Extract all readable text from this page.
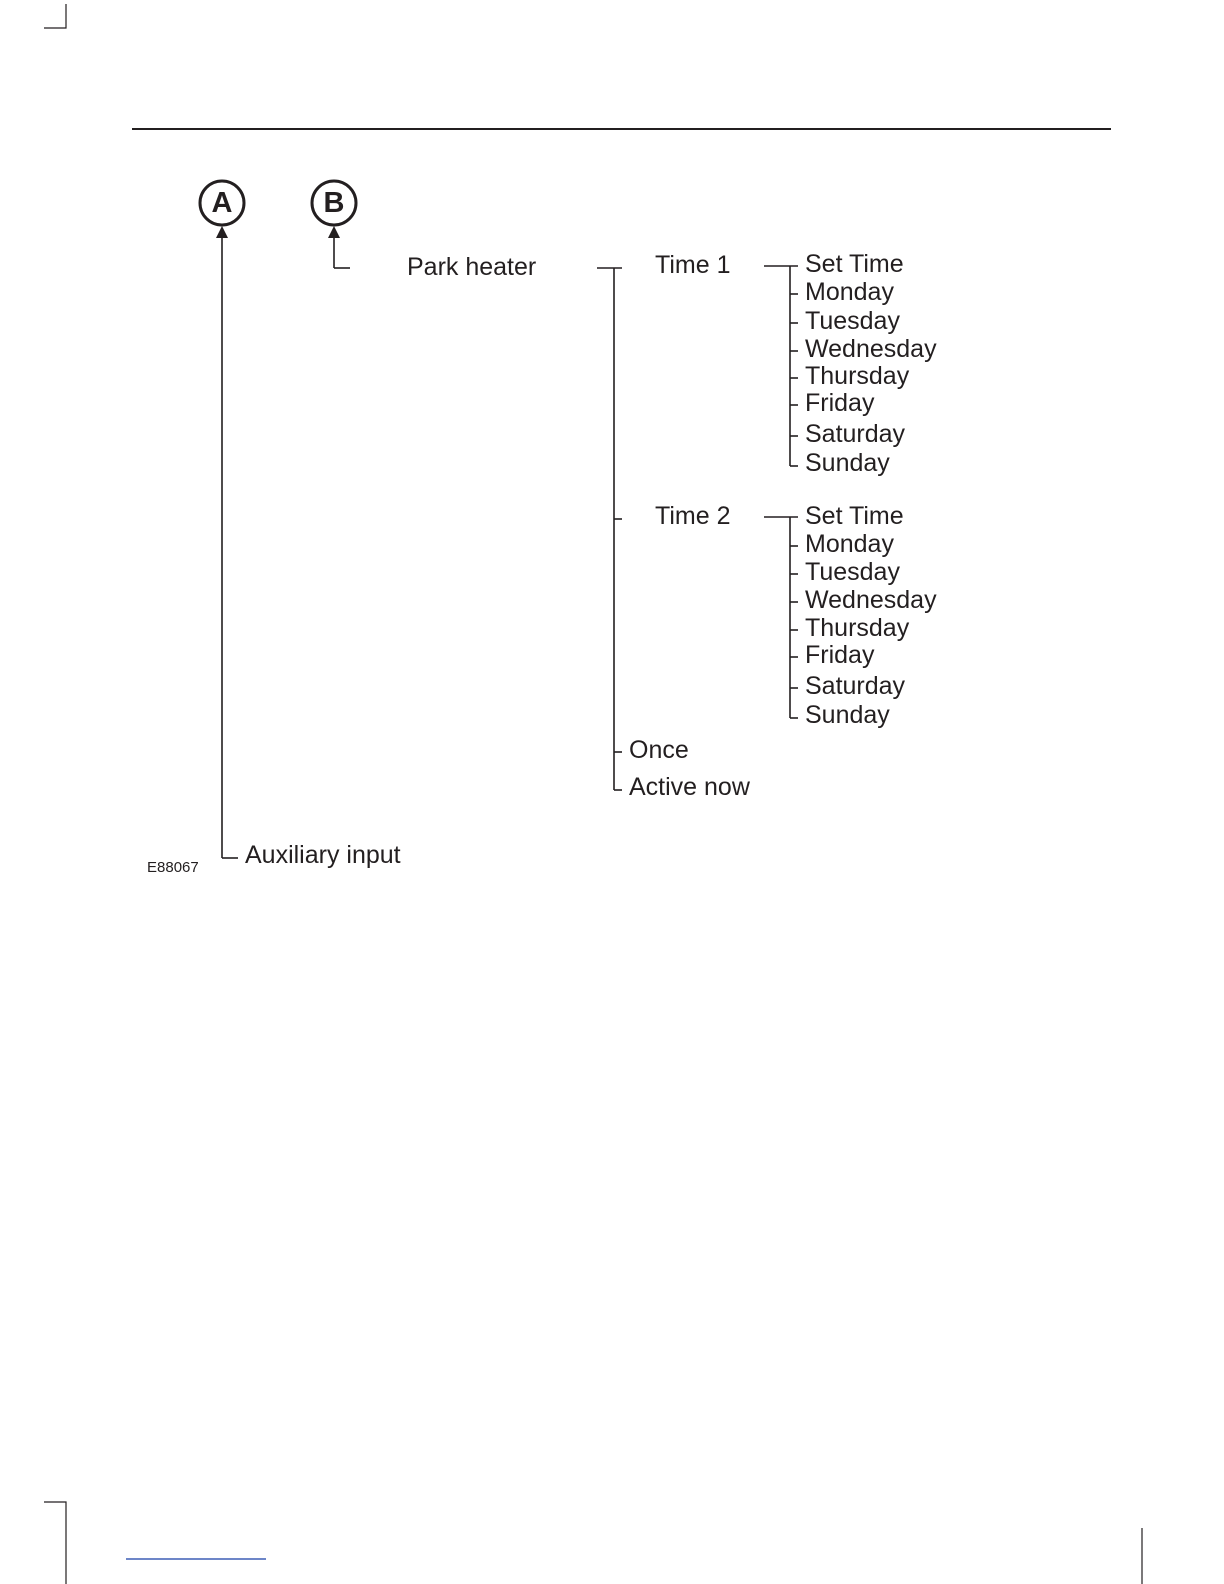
A	B
Park heater	Time 1	Set Time
Monday
Tuesday
Wednesday
Thursday
Friday
Saturday
Sunday
Time 2	Set Time
Monday
Tuesday
Wednesday
Thursday
Friday
Saturday
Sunday
Once
Active now
Auxiliary input
E88067
